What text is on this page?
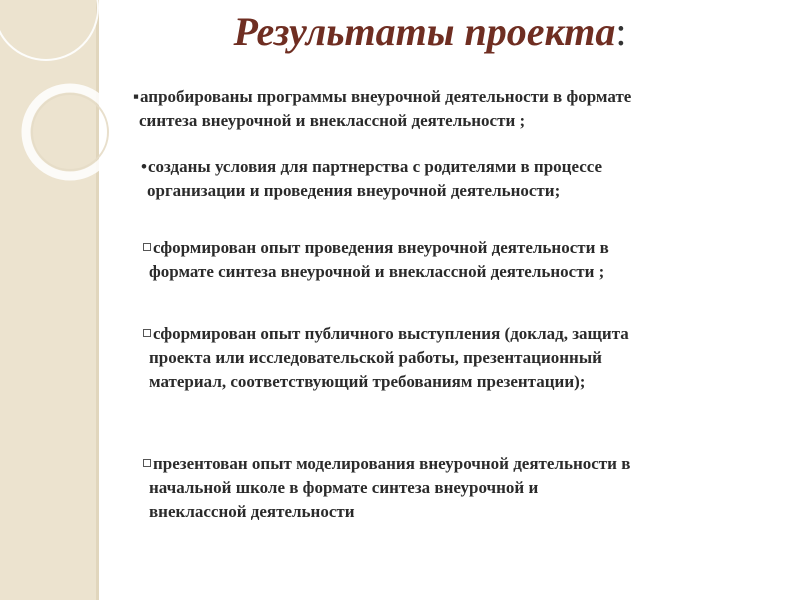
Результаты проекта:
▪апробированы программы внеурочной деятельности в формате
синтеза внеурочной и внеклассной деятельности ;
•созданы условия для партнерства с родителями в процессе
организации и проведения внеурочной деятельности;
сформирован опыт проведения внеурочной деятельности в
формате синтеза внеурочной и внеклассной деятельности ;
сформирован опыт публичного выступления (доклад, защита
проекта или исследовательской работы, презентационный
материал, соответствующий требованиям презентации);
презентован опыт моделирования внеурочной деятельности в
начальной школе в формате синтеза внеурочной и
внеклассной деятельности
